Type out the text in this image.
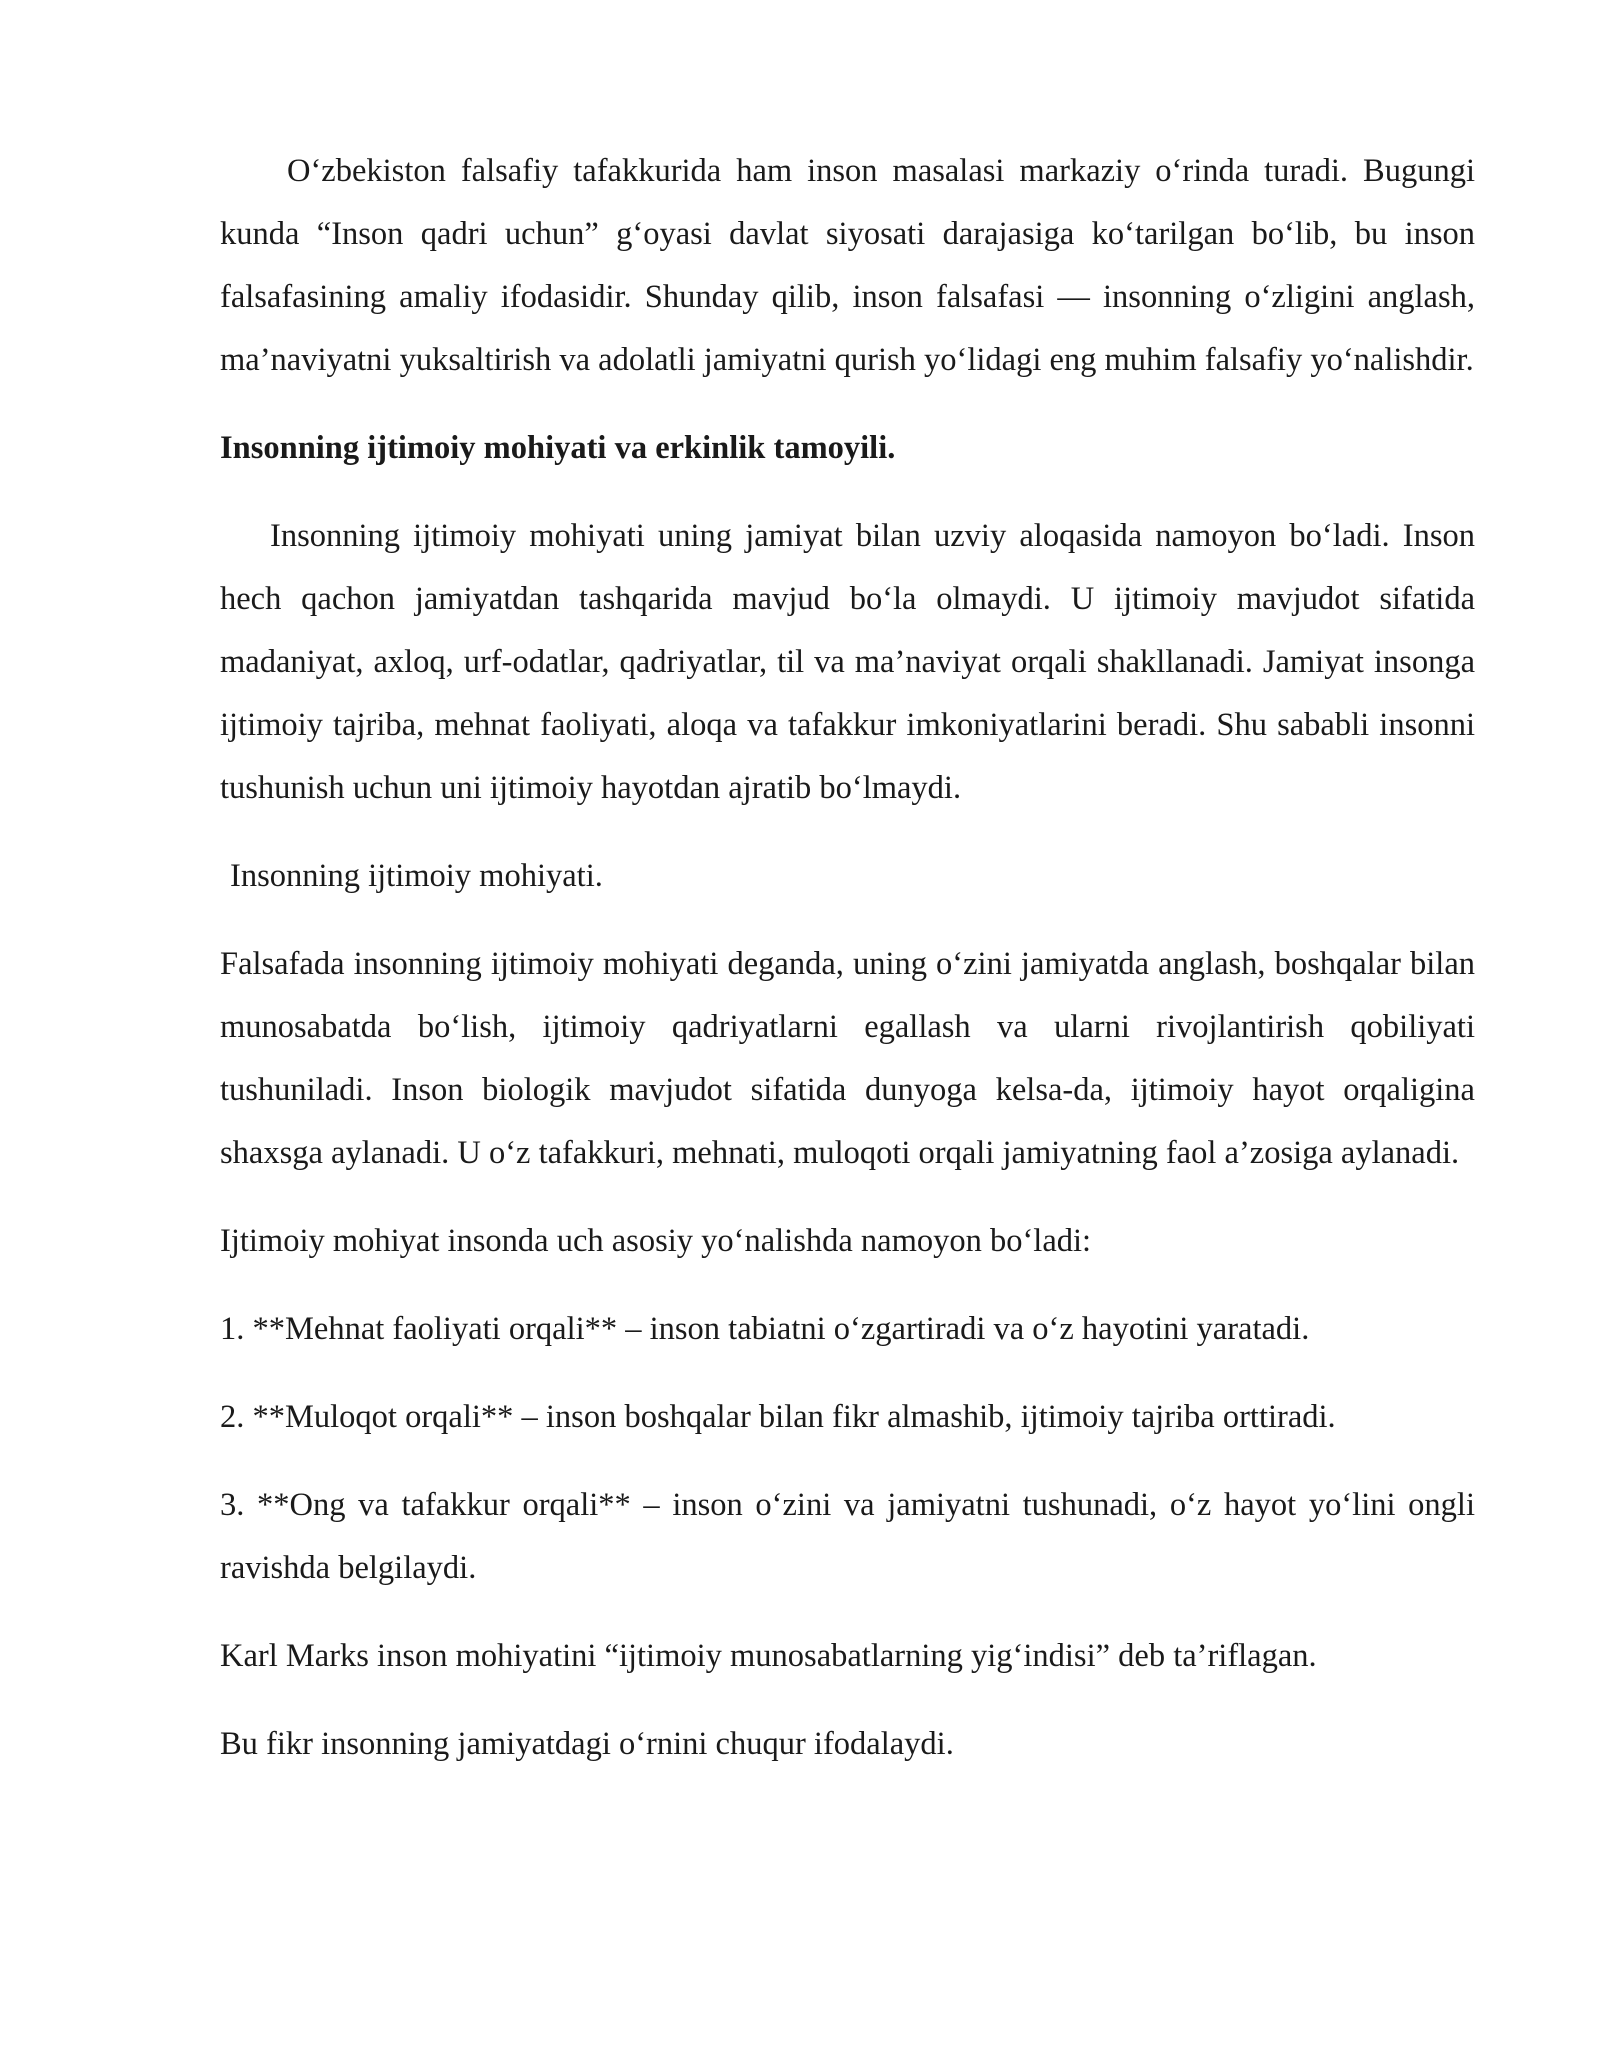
O‘zbekiston falsafiy tafakkurida ham inson masalasi markaziy o‘rinda turadi. Bugungi kunda “Inson qadri uchun” g‘oyasi davlat siyosati darajasiga ko‘tarilgan bo‘lib, bu inson falsafasining amaliy ifodasidir. Shunday qilib, inson falsafasi — insonning o‘zligini anglash, ma’naviyatni yuksaltirish va adolatli jamiyatni qurish yo‘lidagi eng muhim falsafiy yo‘nalishdir.

Insonning ijtimoiy mohiyati va erkinlik tamoyili.

Insonning ijtimoiy mohiyati uning jamiyat bilan uzviy aloqasida namoyon bo‘ladi. Inson hech qachon jamiyatdan tashqarida mavjud bo‘la olmaydi. U ijtimoiy mavjudot sifatida madaniyat, axloq, urf-odatlar, qadriyatlar, til va ma’naviyat orqali shakllanadi. Jamiyat insonga ijtimoiy tajriba, mehnat faoliyati, aloqa va tafakkur imkoniyatlarini beradi. Shu sababli insonni tushunish uchun uni ijtimoiy hayotdan ajratib bo‘lmaydi.

Insonning ijtimoiy mohiyati.

Falsafada insonning ijtimoiy mohiyati deganda, uning o‘zini jamiyatda anglash, boshqalar bilan munosabatda bo‘lish, ijtimoiy qadriyatlarni egallash va ularni rivojlantirish qobiliyati tushuniladi. Inson biologik mavjudot sifatida dunyoga kelsa-da, ijtimoiy hayot orqaligina shaxsga aylanadi. U o‘z tafakkuri, mehnati, muloqoti orqali jamiyatning faol a’zosiga aylanadi.

Ijtimoiy mohiyat insonda uch asosiy yo‘nalishda namoyon bo‘ladi:

1. **Mehnat faoliyati orqali** – inson tabiatni o‘zgartiradi va o‘z hayotini yaratadi.

2. **Muloqot orqali** – inson boshqalar bilan fikr almashib, ijtimoiy tajriba orttiradi.

3. **Ong va tafakkur orqali** – inson o‘zini va jamiyatni tushunadi, o‘z hayot yo‘lini ongli ravishda belgilaydi.

Karl Marks inson mohiyatini “ijtimoiy munosabatlarning yig‘indisi” deb ta’riflagan.

Bu fikr insonning jamiyatdagi o‘rnini chuqur ifodalaydi.
